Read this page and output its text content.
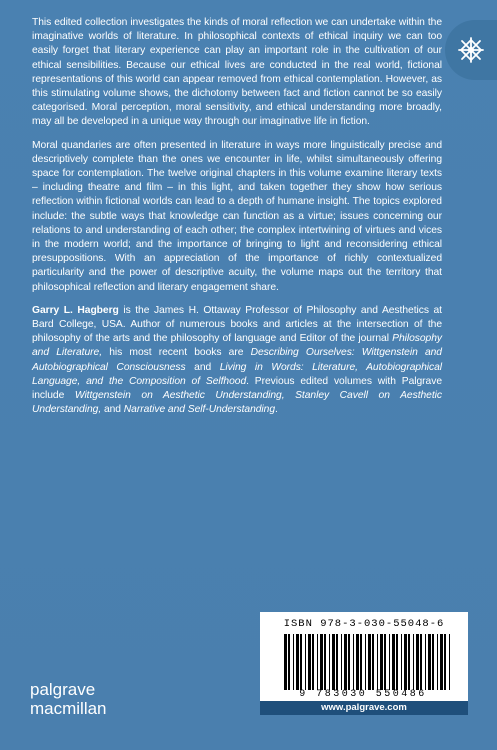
This edited collection investigates the kinds of moral reflection we can undertake within the imaginative worlds of literature. In philosophical contexts of ethical inquiry we can too easily forget that literary experience can play an important role in the cultivation of our ethical sensibilities. Because our ethical lives are conducted in the real world, fictional representations of this world can appear removed from ethical contemplation. However, as this stimulating volume shows, the dichotomy between fact and fiction cannot be so easily categorised. Moral perception, moral sensitivity, and ethical understanding more broadly, may all be developed in a unique way through our imaginative life in fiction.

Moral quandaries are often presented in literature in ways more linguistically precise and descriptively complete than the ones we encounter in life, whilst simultaneously offering space for contemplation. The twelve original chapters in this volume examine literary texts – including theatre and film – in this light, and taken together they show how serious reflection within fictional worlds can lead to a depth of humane insight. The topics explored include: the subtle ways that knowledge can function as a virtue; issues concerning our relations to and understanding of each other; the complex intertwining of virtues and vices in the modern world; and the importance of bringing to light and reconsidering ethical presuppositions. With an appreciation of the importance of richly contextualized particularity and the power of descriptive acuity, the volume maps out the territory that philosophical reflection and literary engagement share.

Garry L. Hagberg is the James H. Ottaway Professor of Philosophy and Aesthetics at Bard College, USA. Author of numerous books and articles at the intersection of the philosophy of the arts and the philosophy of language and Editor of the journal Philosophy and Literature, his most recent books are Describing Ourselves: Wittgenstein and Autobiographical Consciousness and Living in Words: Literature, Autobiographical Language, and the Composition of Selfhood. Previous edited volumes with Palgrave include Wittgenstein on Aesthetic Understanding, Stanley Cavell on Aesthetic Understanding, and Narrative and Self-Understanding.

palgrave
macmillan
ISBN 978-3-030-55048-6
9 783030 550486
www.palgrave.com
